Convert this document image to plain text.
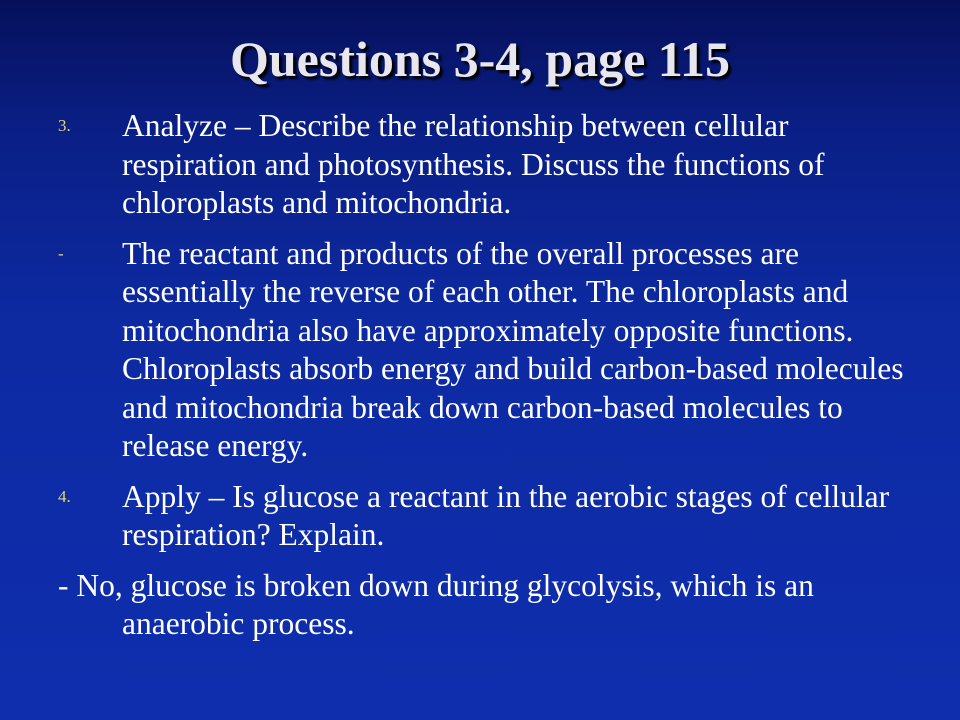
Questions 3-4, page 115
3. Analyze – Describe the relationship between cellular respiration and photosynthesis. Discuss the functions of chloroplasts and mitochondria.
- The reactant and products of the overall processes are essentially the reverse of each other. The chloroplasts and mitochondria also have approximately opposite functions. Chloroplasts absorb energy and build carbon-based molecules and mitochondria break down carbon-based molecules to release energy.
4. Apply – Is glucose a reactant in the aerobic stages of cellular respiration? Explain.
- No, glucose is broken down during glycolysis, which is an anaerobic process.
